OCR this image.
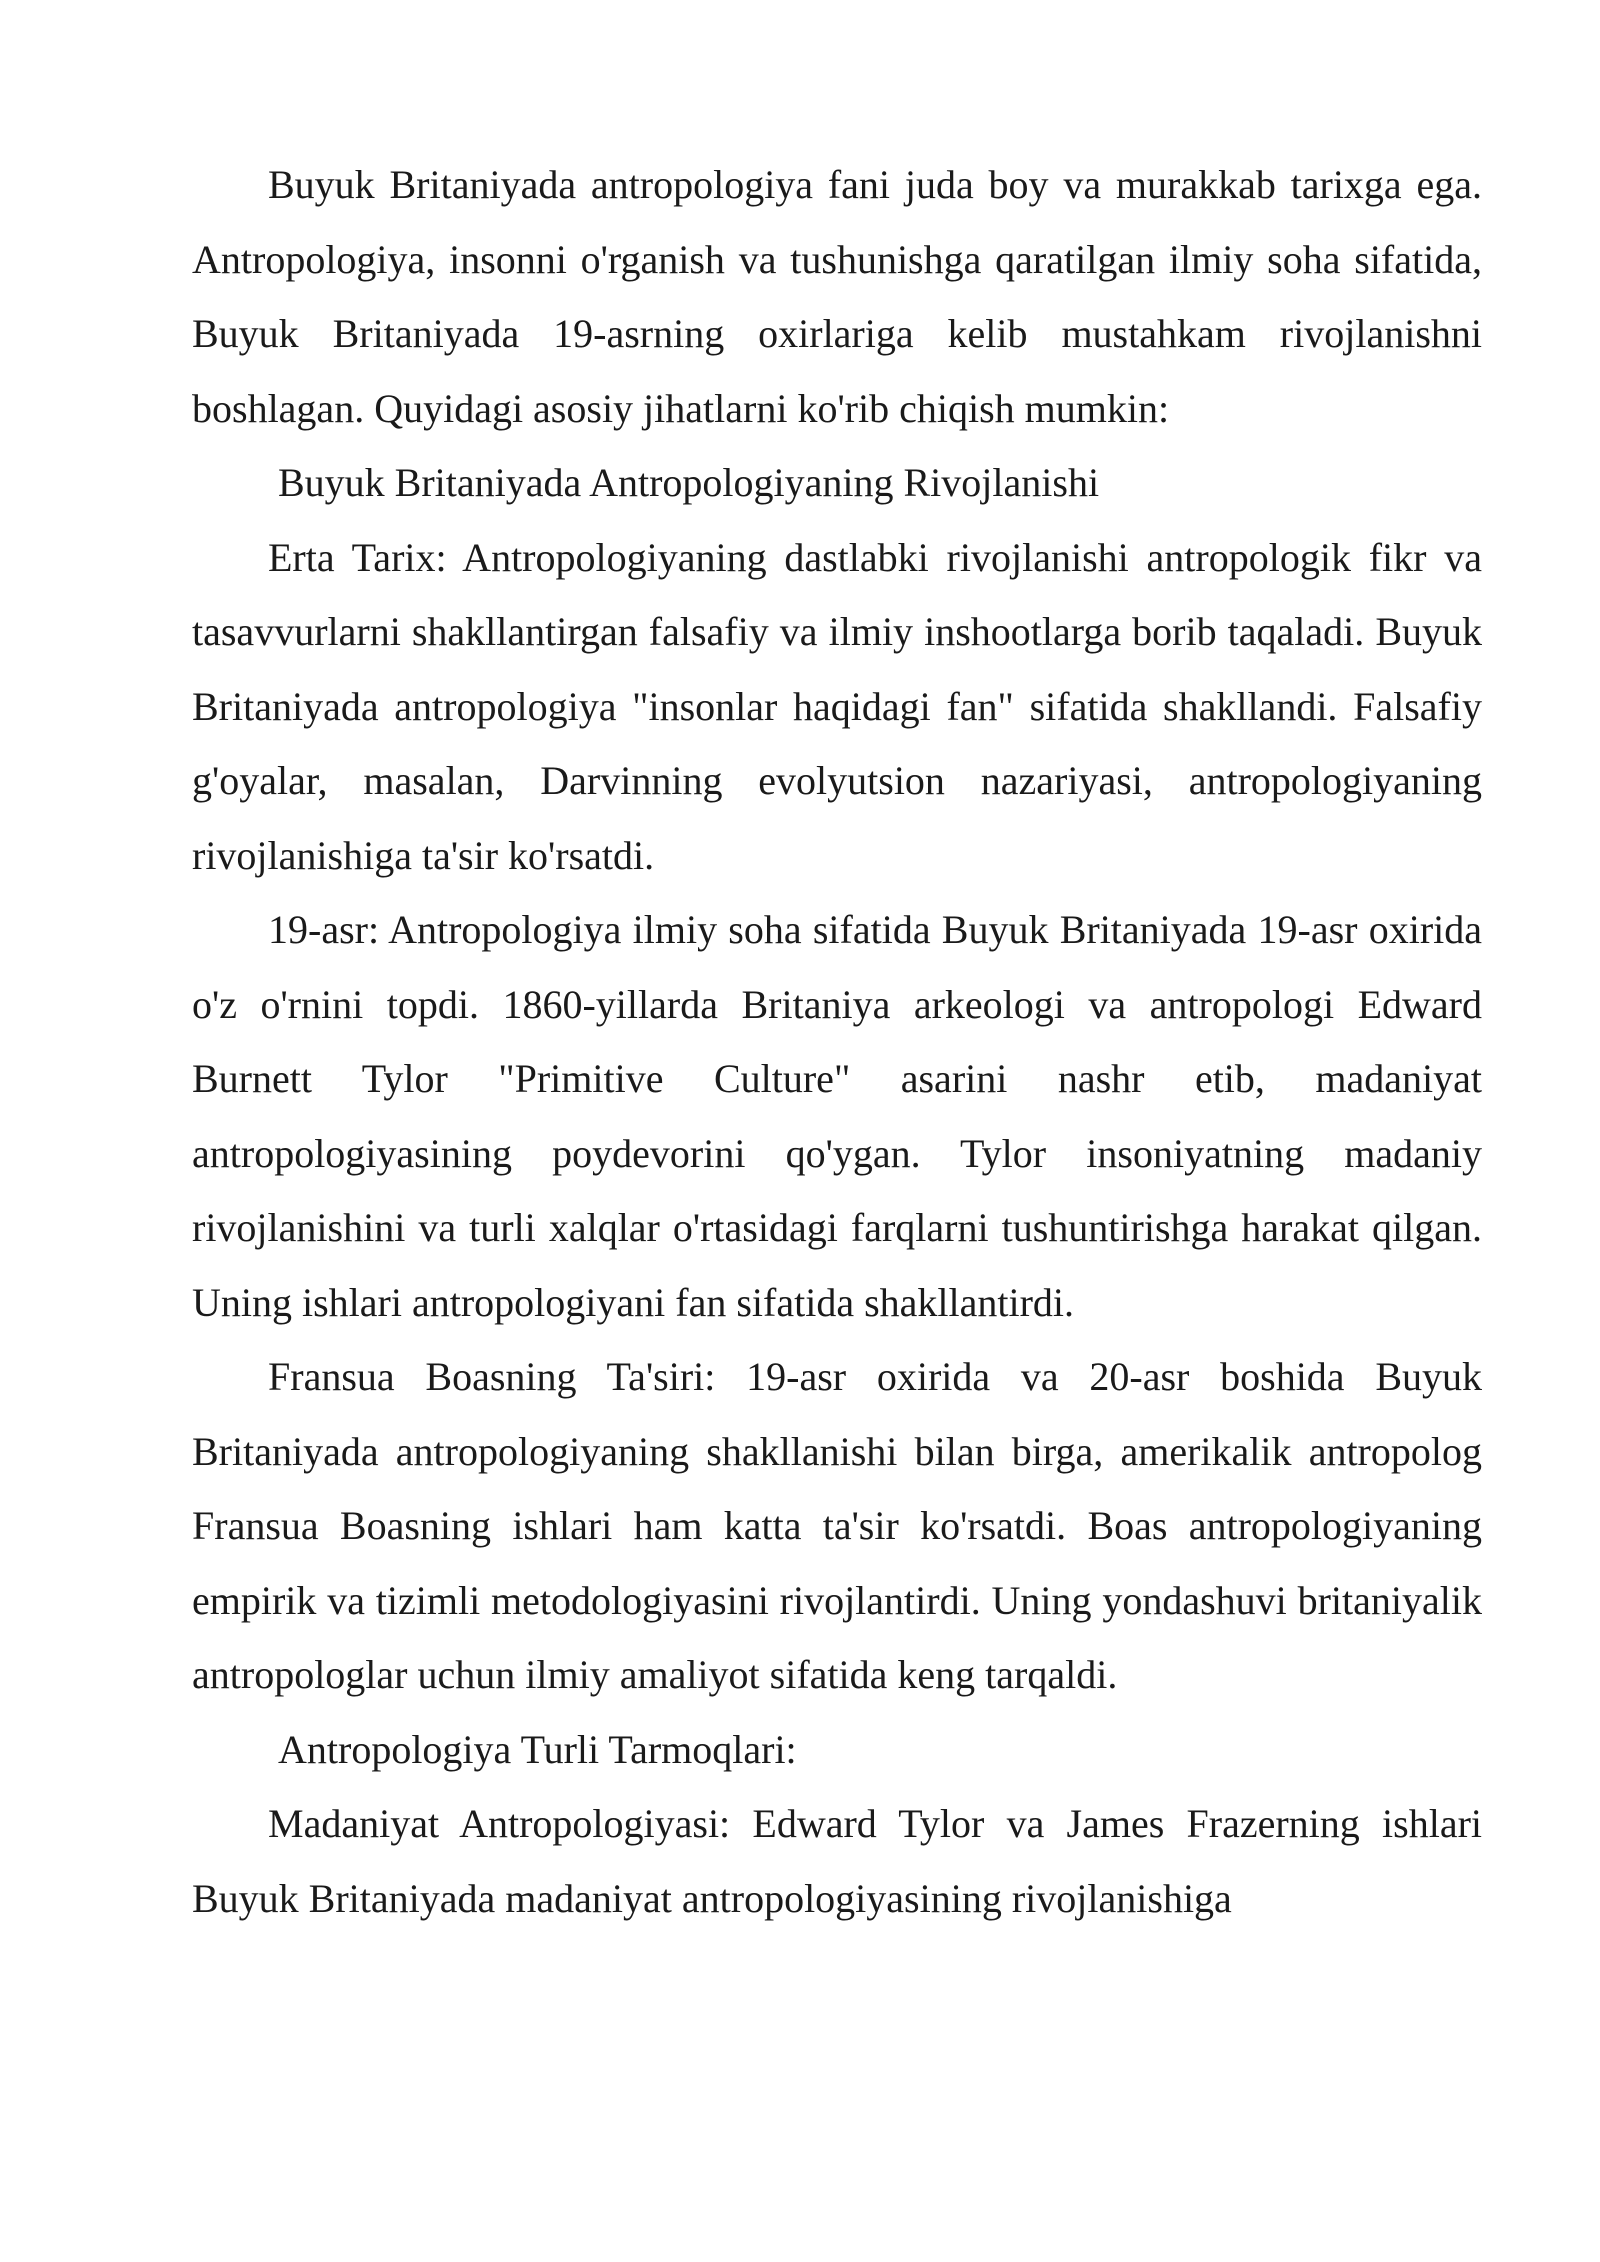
Buyuk Britaniyada antropologiya fani juda boy va murakkab tarixga ega. Antropologiya, insonni o'rganish va tushunishga qaratilgan ilmiy soha sifatida, Buyuk Britaniyada 19-asrning oxirlariga kelib mustahkam rivojlanishni boshlagan. Quyidagi asosiy jihatlarni ko'rib chiqish mumkin:

Buyuk Britaniyada Antropologiyaning Rivojlanishi

Erta Tarix: Antropologiyaning dastlabki rivojlanishi antropologik fikr va tasavvurlarni shakllantirgan falsafiy va ilmiy inshootlarga borib taqaladi. Buyuk Britaniyada antropologiya "insonlar haqidagi fan" sifatida shakllandi. Falsafiy g'oyalar, masalan, Darvinning evolyutsion nazariyasi, antropologiyaning rivojlanishiga ta'sir ko'rsatdi.

19-asr: Antropologiya ilmiy soha sifatida Buyuk Britaniyada 19-asr oxirida o'z o'rnini topdi. 1860-yillarda Britaniya arkeologi va antropologi Edward Burnett Tylor "Primitive Culture" asarini nashr etib, madaniyat antropologiyasining poydevorini qo'ygan. Tylor insoniyatning madaniy rivojlanishini va turli xalqlar o'rtasidagi farqlarni tushuntirishga harakat qilgan. Uning ishlari antropologiyani fan sifatida shakllantirdi.

Fransua Boasning Ta'siri: 19-asr oxirida va 20-asr boshida Buyuk Britaniyada antropologiyaning shakllanishi bilan birga, amerikalik antropolog Fransua Boasning ishlari ham katta ta'sir ko'rsatdi. Boas antropologiyaning empirik va tizimli metodologiyasini rivojlantirdi. Uning yondashuvi britaniyalik antropologlar uchun ilmiy amaliyot sifatida keng tarqaldi.

Antropologiya Turli Tarmoqlari:

Madaniyat Antropologiyasi: Edward Tylor va James Frazerning ishlari Buyuk Britaniyada madaniyat antropologiyasining rivojlanishiga
